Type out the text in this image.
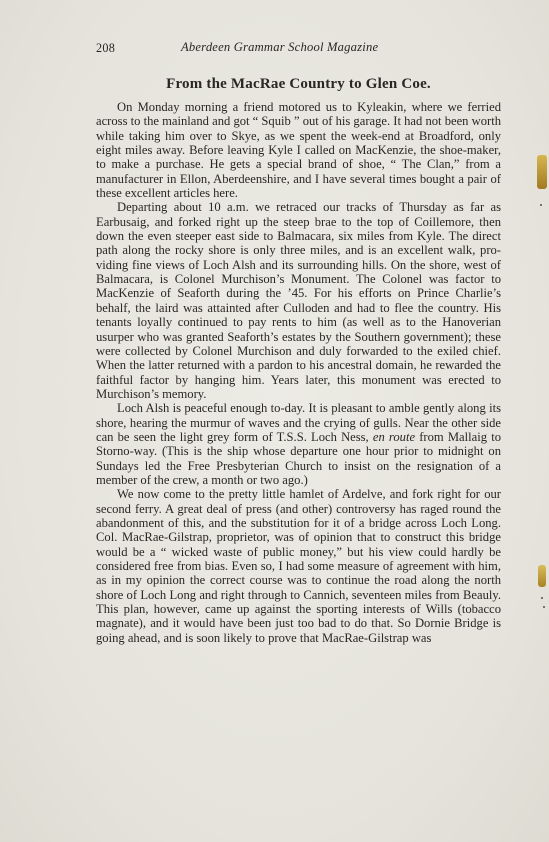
208	Aberdeen Grammar School Magazine
From the MacRae Country to Glen Coe.

On Monday morning a friend motored us to Kyleakin, where we ferried across to the mainland and got “ Squib ” out of his garage. It had not been worth while taking him over to Skye, as we spent the week-end at Broadford, only eight miles away. Before leaving Kyle I called on MacKenzie, the shoe-maker, to make a purchase. He gets a special brand of shoe, “ The Clan,” from a manufacturer in Ellon, Aberdeenshire, and I have several times bought a pair of these excellent articles here.

Departing about 10 a.m. we retraced our tracks of Thursday as far as Earbusaig, and forked right up the steep brae to the top of Coillemore, then down the even steeper east side to Balmacara, six miles from Kyle. The direct path along the rocky shore is only three miles, and is an excellent walk, pro-viding fine views of Loch Alsh and its surrounding hills. On the shore, west of Balmacara, is Colonel Murchison’s Monument. The Colonel was factor to MacKenzie of Seaforth during the ’45. For his efforts on Prince Charlie’s behalf, the laird was attainted after Culloden and had to flee the country. His tenants loyally continued to pay rents to him (as well as to the Hanoverian usurper who was granted Seaforth’s estates by the Southern government); these were collected by Colonel Murchison and duly forwarded to the exiled chief. When the latter returned with a pardon to his ancestral domain, he rewarded the faithful factor by hanging him. Years later, this monument was erected to Murchison’s memory.

Loch Alsh is peaceful enough to-day. It is pleasant to amble gently along its shore, hearing the murmur of waves and the crying of gulls. Near the other side can be seen the light grey form of T.S.S. Loch Ness, en route from Mallaig to Storno-way. (This is the ship whose departure one hour prior to midnight on Sundays led the Free Presbyterian Church to insist on the resignation of a member of the crew, a month or two ago.)

We now come to the pretty little hamlet of Ardelve, and fork right for our second ferry. A great deal of press (and other) controversy has raged round the abandonment of this, and the substitution for it of a bridge across Loch Long. Col. MacRae-Gilstrap, proprietor, was of opinion that to construct this bridge would be a “ wicked waste of public money,” but his view could hardly be considered free from bias. Even so, I had some measure of agreement with him, as in my opinion the correct course was to continue the road along the north shore of Loch Long and right through to Cannich, seventeen miles from Beauly. This plan, however, came up against the sporting interests of Wills (tobacco magnate), and it would have been just too bad to do that. So Dornie Bridge is going ahead, and is soon likely to prove that MacRae-Gilstrap was
